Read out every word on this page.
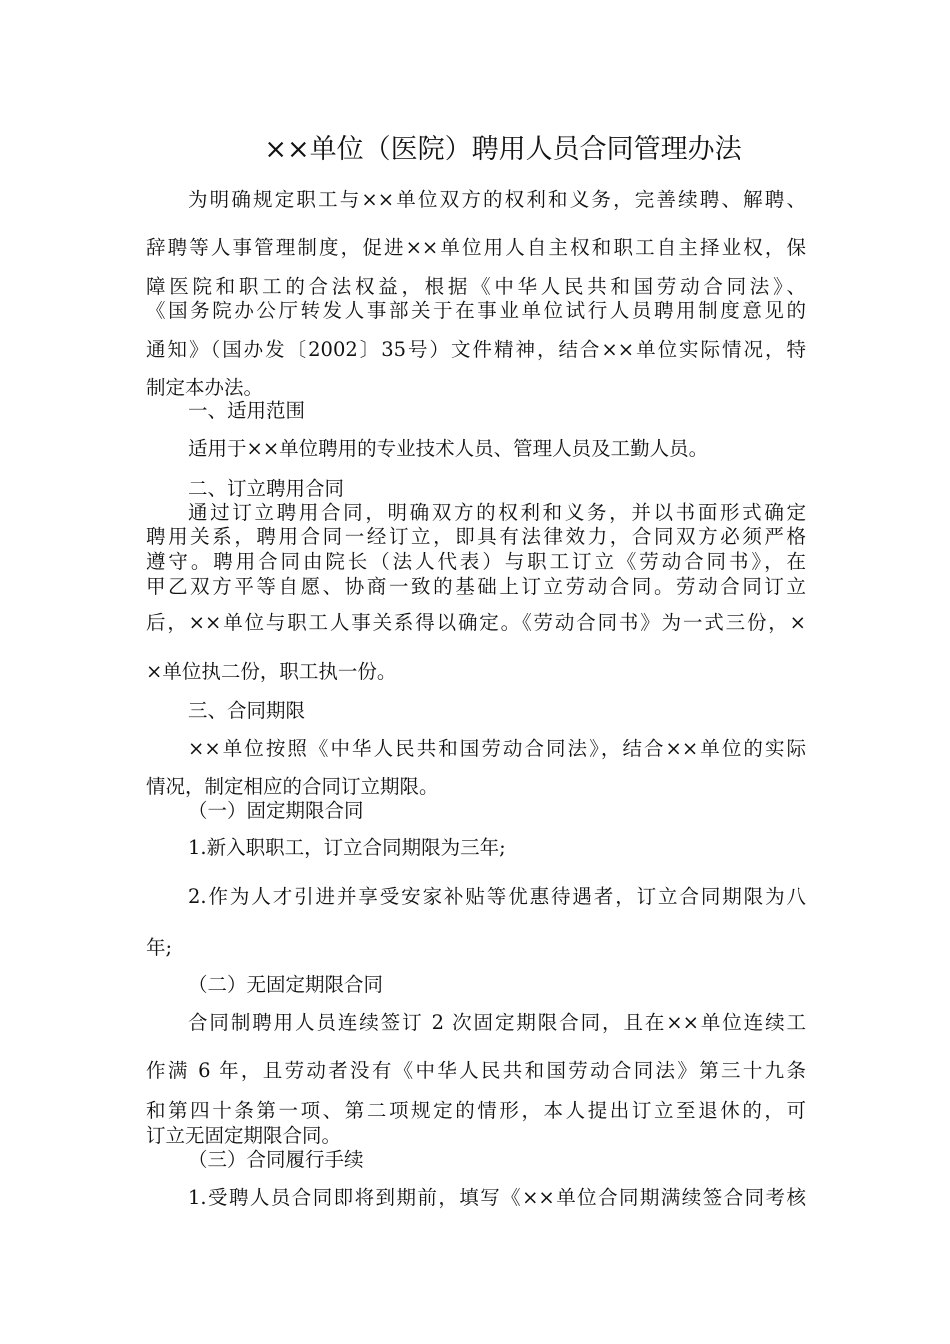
××单位（医院）聘用人员合同管理办法
为明确规定职工与××单位双方的权利和义务，完善续聘、解聘、
辞聘等人事管理制度，促进××单位用人自主权和职工自主择业权，保
障医院和职工的合法权益，根据《中华人民共和国劳动合同法》、
《国务院办公厅转发人事部关于在事业单位试行人员聘用制度意见的
通知》（国办发〔2002〕35号）文件精神，结合××单位实际情况，特
制定本办法。
一、适用范围
适用于××单位聘用的专业技术人员、管理人员及工勤人员。
二、订立聘用合同
通过订立聘用合同，明确双方的权利和义务，并以书面形式确定
聘用关系，聘用合同一经订立，即具有法律效力，合同双方必须严格
遵守。聘用合同由院长（法人代表）与职工订立《劳动合同书》，在
甲乙双方平等自愿、协商一致的基础上订立劳动合同。劳动合同订立
后，××单位与职工人事关系得以确定。《劳动合同书》为一式三份，×
×单位执二份，职工执一份。
三、合同期限
××单位按照《中华人民共和国劳动合同法》，结合××单位的实际
情况，制定相应的合同订立期限。
（一）固定期限合同
1.新入职职工，订立合同期限为三年;
2.作为人才引进并享受安家补贴等优惠待遇者，订立合同期限为八
年;
（二）无固定期限合同
合同制聘用人员连续签订 2 次固定期限合同，且在××单位连续工
作满 6 年，且劳动者没有《中华人民共和国劳动合同法》第三十九条
和第四十条第一项、第二项规定的情形，本人提出订立至退休的，可
订立无固定期限合同。
（三）合同履行手续
1.受聘人员合同即将到期前，填写《××单位合同期满续签合同考核
